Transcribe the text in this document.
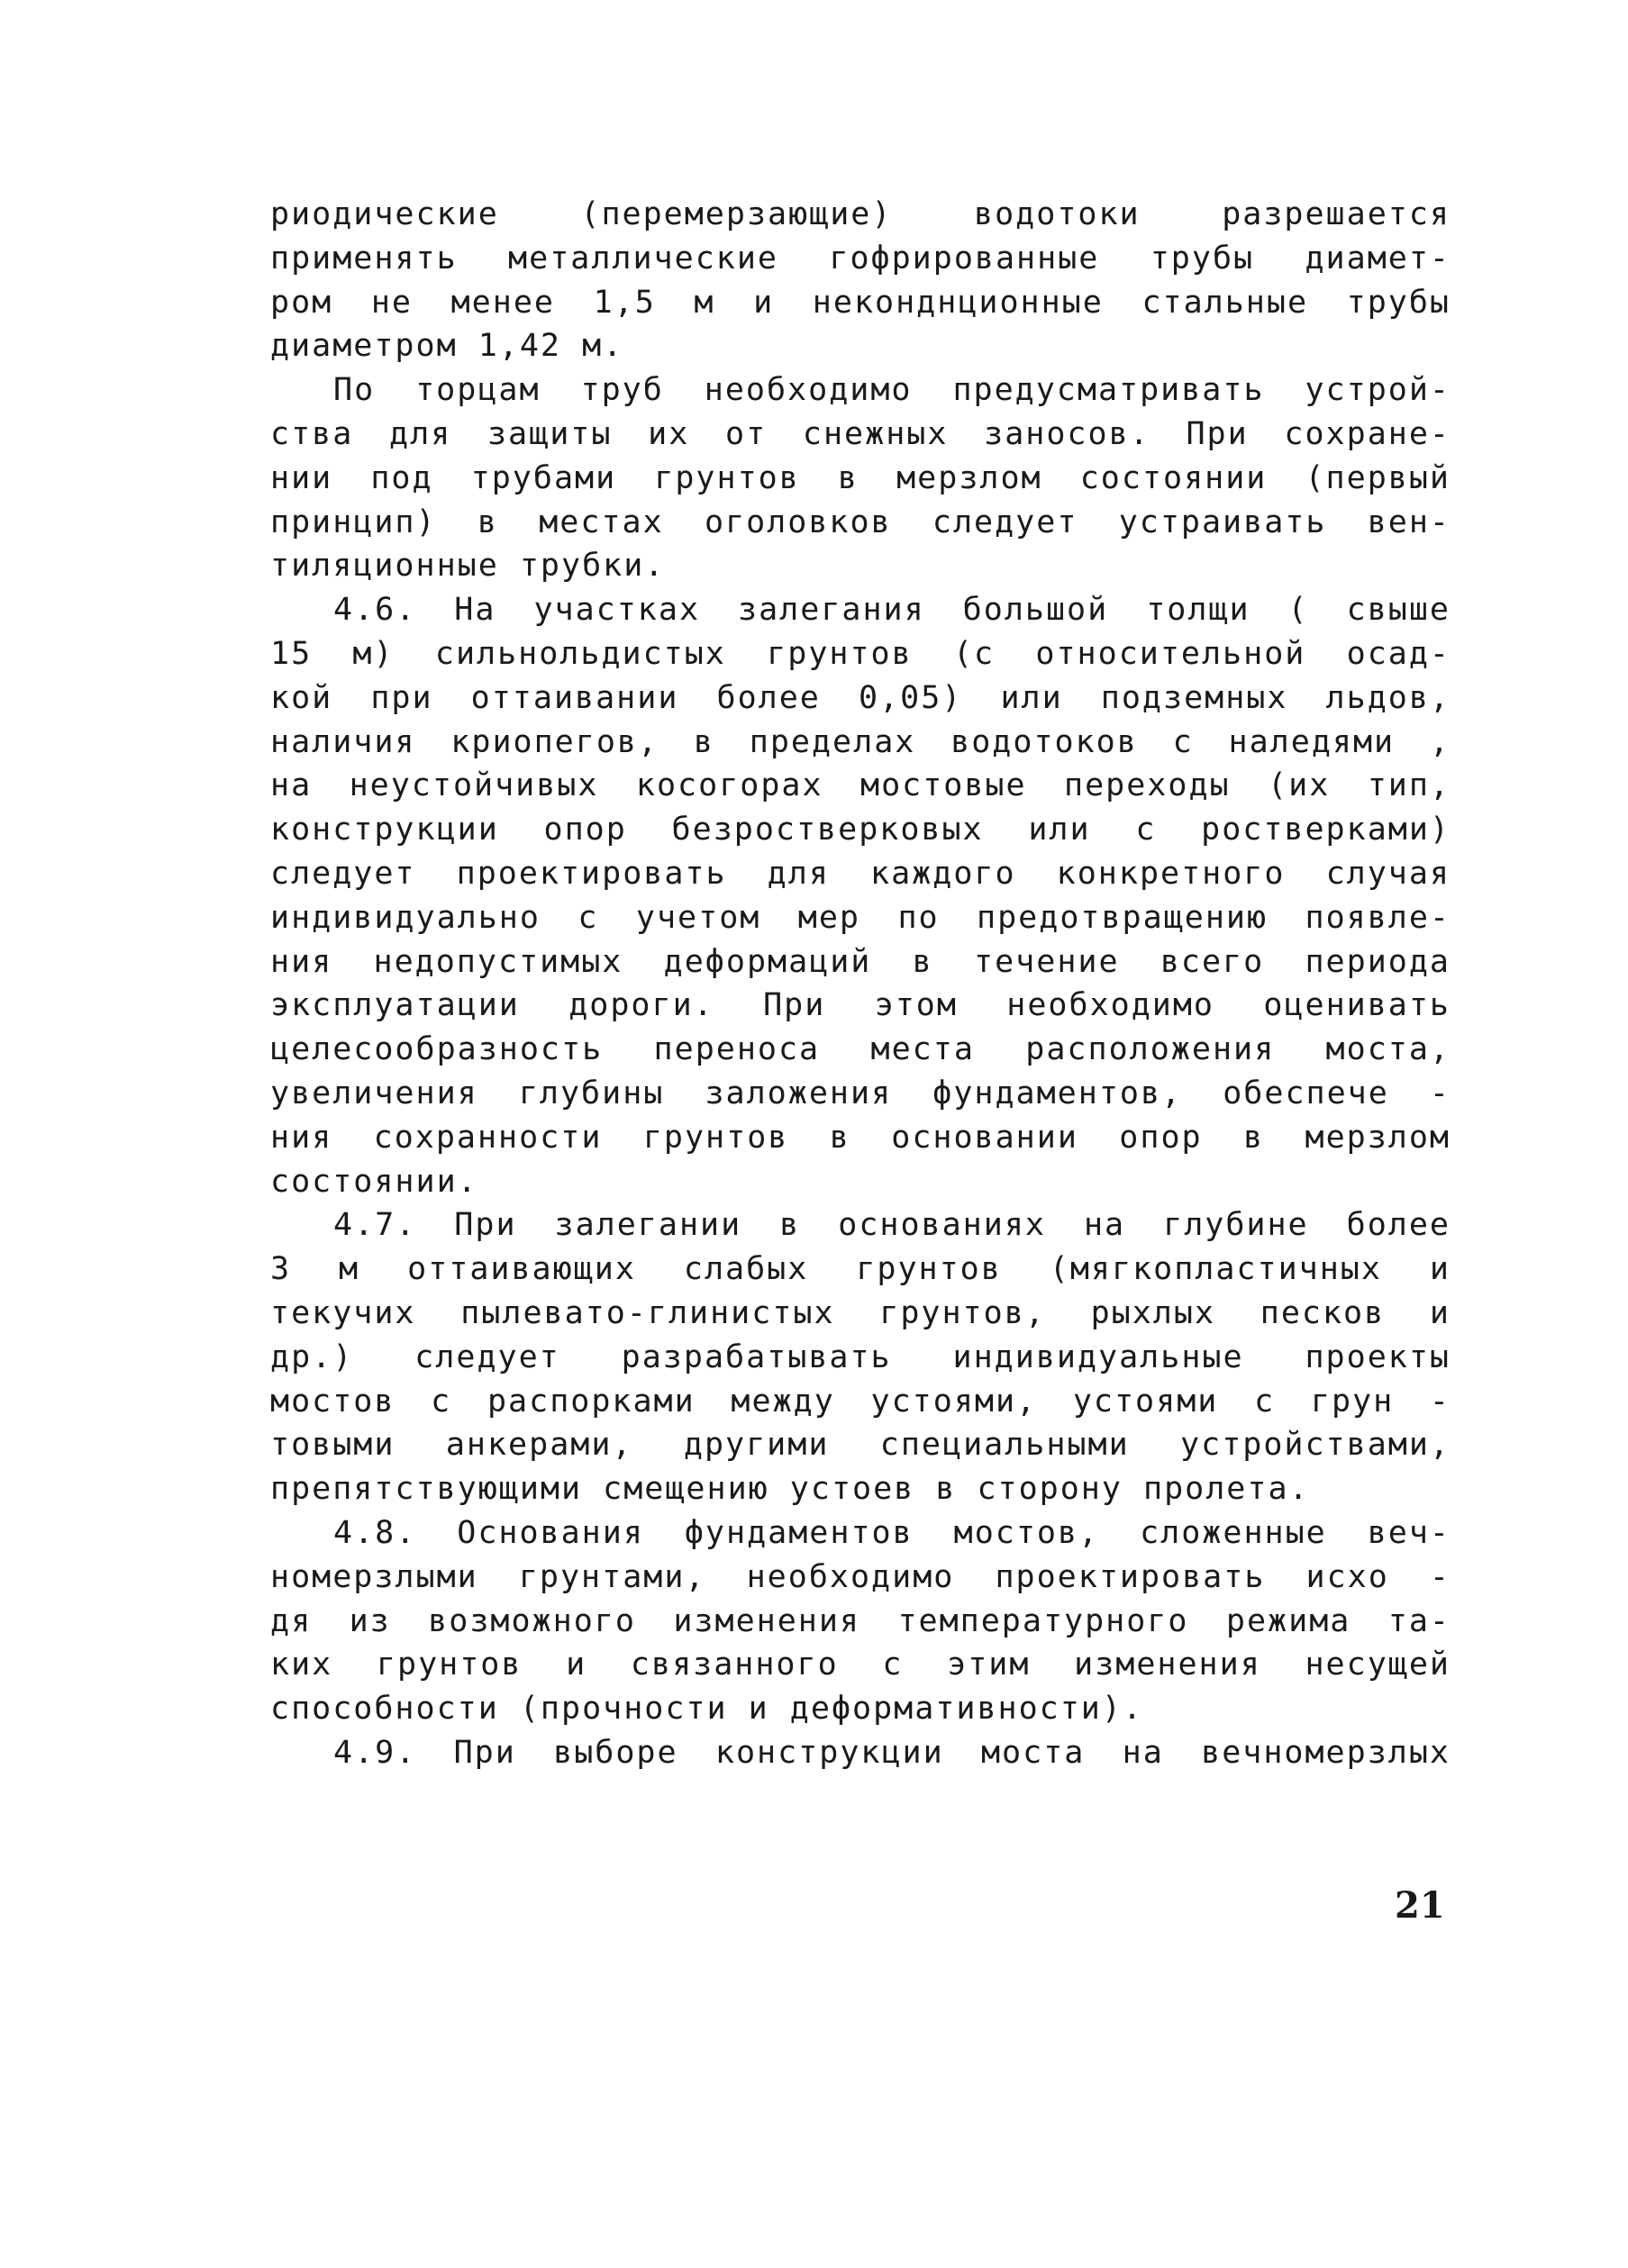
риодические (перемерзающие) водотоки разрешается
применять металлические гофрированные трубы диамет-
ром не менее 1,5 м и неконднционные стальные трубы
диаметром 1,42 м.
По торцам труб необходимо предусматривать устрой-
ства для защиты их от снежных заносов. При сохране-
нии под трубами грунтов в мерзлом состоянии (первый
принцип) в местах оголовков следует устраивать вен-
тиляционные трубки.
4.6. На участках залегания большой толщи ( свыше
15 м) сильнольдистых грунтов (с относительной осад-
кой при оттаивании более 0,05) или подземных льдов,
наличия криопегов, в пределах водотоков с наледями ,
на неустойчивых косогорах мостовые переходы (их тип,
конструкции опор безростверковых или с ростверками)
следует проектировать для каждого конкретного случая
индивидуально с учетом мер по предотвращению появле-
ния недопустимых деформаций в течение всего периода
эксплуатации дороги. При этом необходимо оценивать
целесообразность переноса места расположения моста,
увеличения глубины заложения фундаментов, обеспече -
ния сохранности грунтов в основании опор в мерзлом
состоянии.
4.7. При залегании в основаниях на глубине более
3 м оттаивающих слабых грунтов (мягкопластичных и
текучих пылевато-глинистых грунтов, рыхлых песков и
др.) следует разрабатывать индивидуальные проекты
мостов с распорками между устоями, устоями с грун -
товыми анкерами, другими специальными устройствами,
препятствующими смещению устоев в сторону пролета.
4.8. Основания фундаментов мостов, сложенные веч-
номерзлыми грунтами, необходимо проектировать исхо -
дя из возможного изменения температурного режима та-
ких грунтов и связанного с этим изменения несущей
способности (прочности и деформативности).
4.9. При выборе конструкции моста на вечномерзлых
21
